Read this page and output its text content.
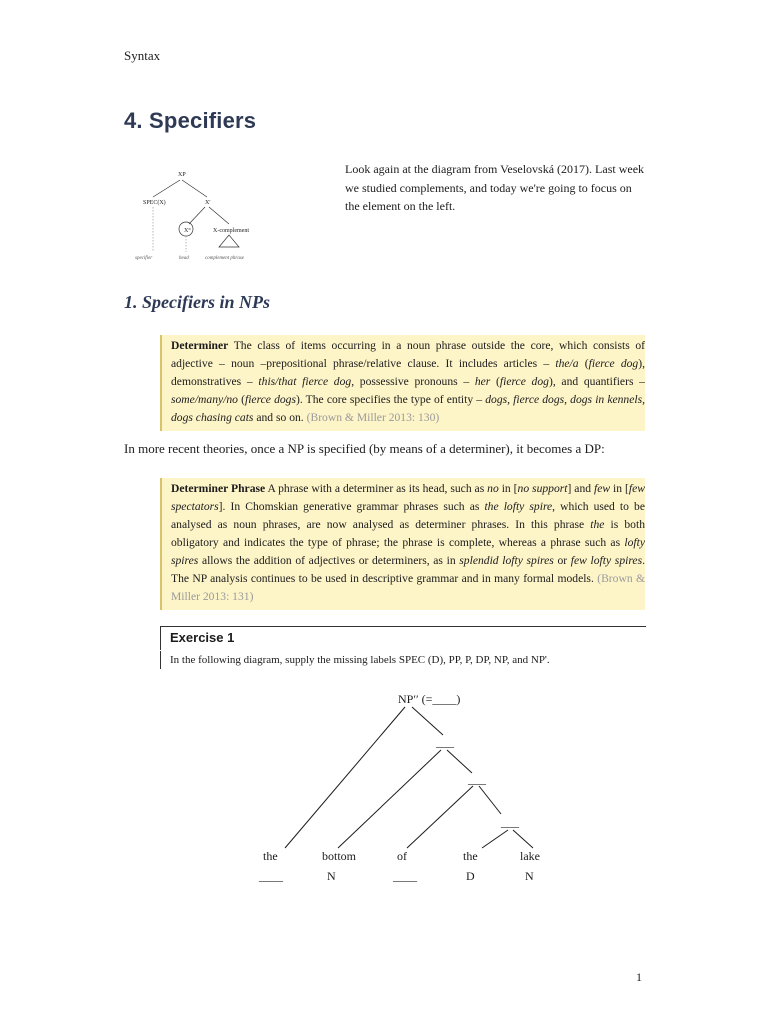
Syntax
4. Specifiers
XP
SPEC(X)	X'
X°	X-complement
specifier	head	complement phrase
Look again at the diagram from Veselovská (2017). Last week we studied complements, and today we're going to focus on the element on the left.
1. Specifiers in NPs
Determiner The class of items occurring in a noun phrase outside the core, which consists of adjective – noun –prepositional phrase/relative clause. It includes articles – the/a (fierce dog), demonstratives – this/that fierce dog, possessive pronouns – her (fierce dog), and quantifiers – some/many/no (fierce dogs). The core specifies the type of entity – dogs, fierce dogs, dogs in kennels, dogs chasing cats and so on. (Brown & Miller 2013: 130)
In more recent theories, once a NP is specified (by means of a determiner), it becomes a DP:
Determiner Phrase A phrase with a determiner as its head, such as no in [no support] and few in [few spectators]. In Chomskian generative grammar phrases such as the lofty spire, which used to be analysed as noun phrases, are now analysed as determiner phrases. In this phrase the is both obligatory and indicates the type of phrase; the phrase is complete, whereas a phrase such as lofty spires allows the addition of adjectives or determiners, as in splendid lofty spires or few lofty spires. The NP analysis continues to be used in descriptive grammar and in many formal models. (Brown & Miller 2013: 131)
Exercise 1
In the following diagram, supply the missing labels SPEC (D), PP, P, DP, NP, and NP'.
NP′′ (=____)
___
___
___
the	bottom	of	the	lake
____	N	____	D	N
1
